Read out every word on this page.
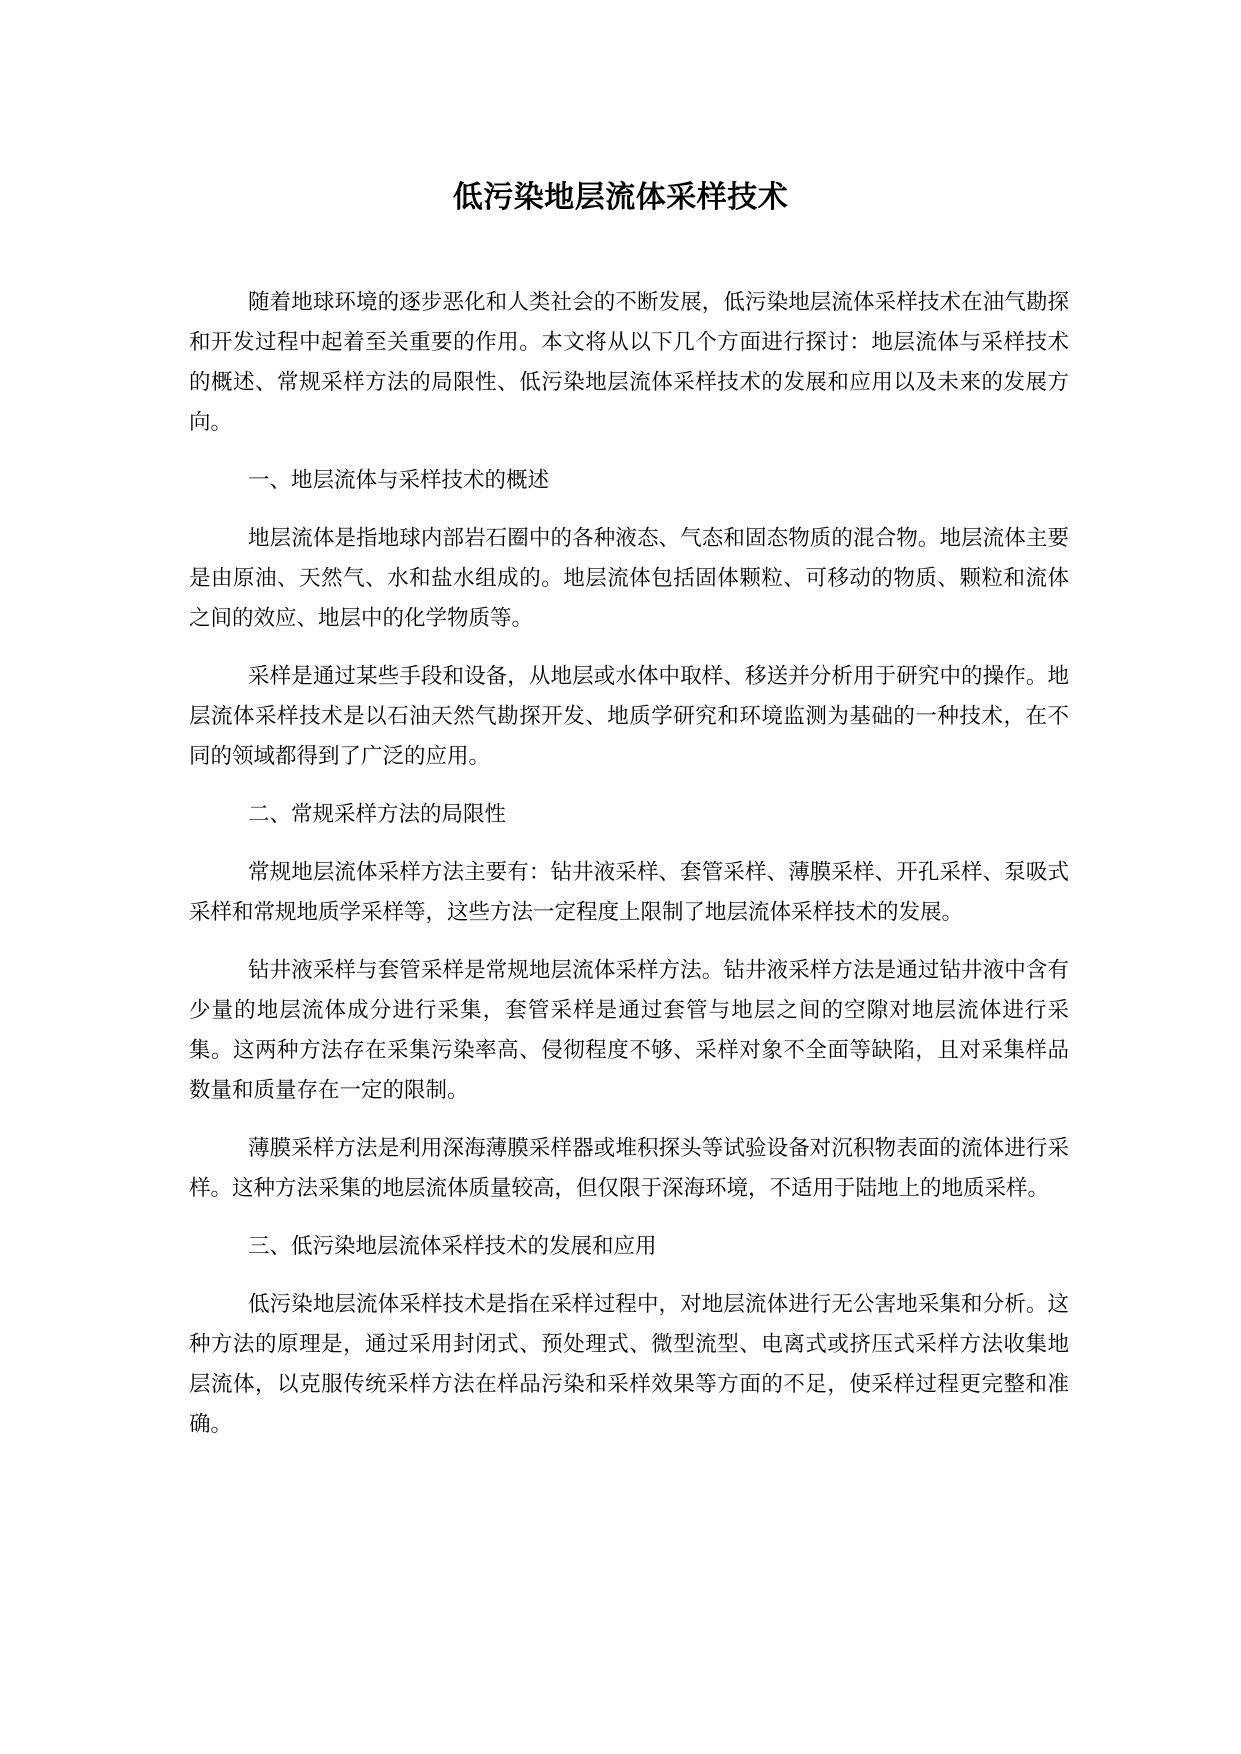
低污染地层流体采样技术

随着地球环境的逐步恶化和人类社会的不断发展，低污染地层流体采样技术在油气勘探和开发过程中起着至关重要的作用。本文将从以下几个方面进行探讨：地层流体与采样技术的概述、常规采样方法的局限性、低污染地层流体采样技术的发展和应用以及未来的发展方向。

一、地层流体与采样技术的概述

地层流体是指地球内部岩石圈中的各种液态、气态和固态物质的混合物。地层流体主要是由原油、天然气、水和盐水组成的。地层流体包括固体颗粒、可移动的物质、颗粒和流体之间的效应、地层中的化学物质等。

采样是通过某些手段和设备，从地层或水体中取样、移送并分析用于研究中的操作。地层流体采样技术是以石油天然气勘探开发、地质学研究和环境监测为基础的一种技术，在不同的领域都得到了广泛的应用。

二、常规采样方法的局限性

常规地层流体采样方法主要有：钻井液采样、套管采样、薄膜采样、开孔采样、泵吸式采样和常规地质学采样等，这些方法一定程度上限制了地层流体采样技术的发展。

钻井液采样与套管采样是常规地层流体采样方法。钻井液采样方法是通过钻井液中含有少量的地层流体成分进行采集，套管采样是通过套管与地层之间的空隙对地层流体进行采集。这两种方法存在采集污染率高、侵彻程度不够、采样对象不全面等缺陷，且对采集样品数量和质量存在一定的限制。

薄膜采样方法是利用深海薄膜采样器或堆积探头等试验设备对沉积物表面的流体进行采样。这种方法采集的地层流体质量较高，但仅限于深海环境，不适用于陆地上的地质采样。

三、低污染地层流体采样技术的发展和应用

低污染地层流体采样技术是指在采样过程中，对地层流体进行无公害地采集和分析。这种方法的原理是，通过采用封闭式、预处理式、微型流型、电离式或挤压式采样方法收集地层流体，以克服传统采样方法在样品污染和采样效果等方面的不足，使采样过程更完整和准确。
